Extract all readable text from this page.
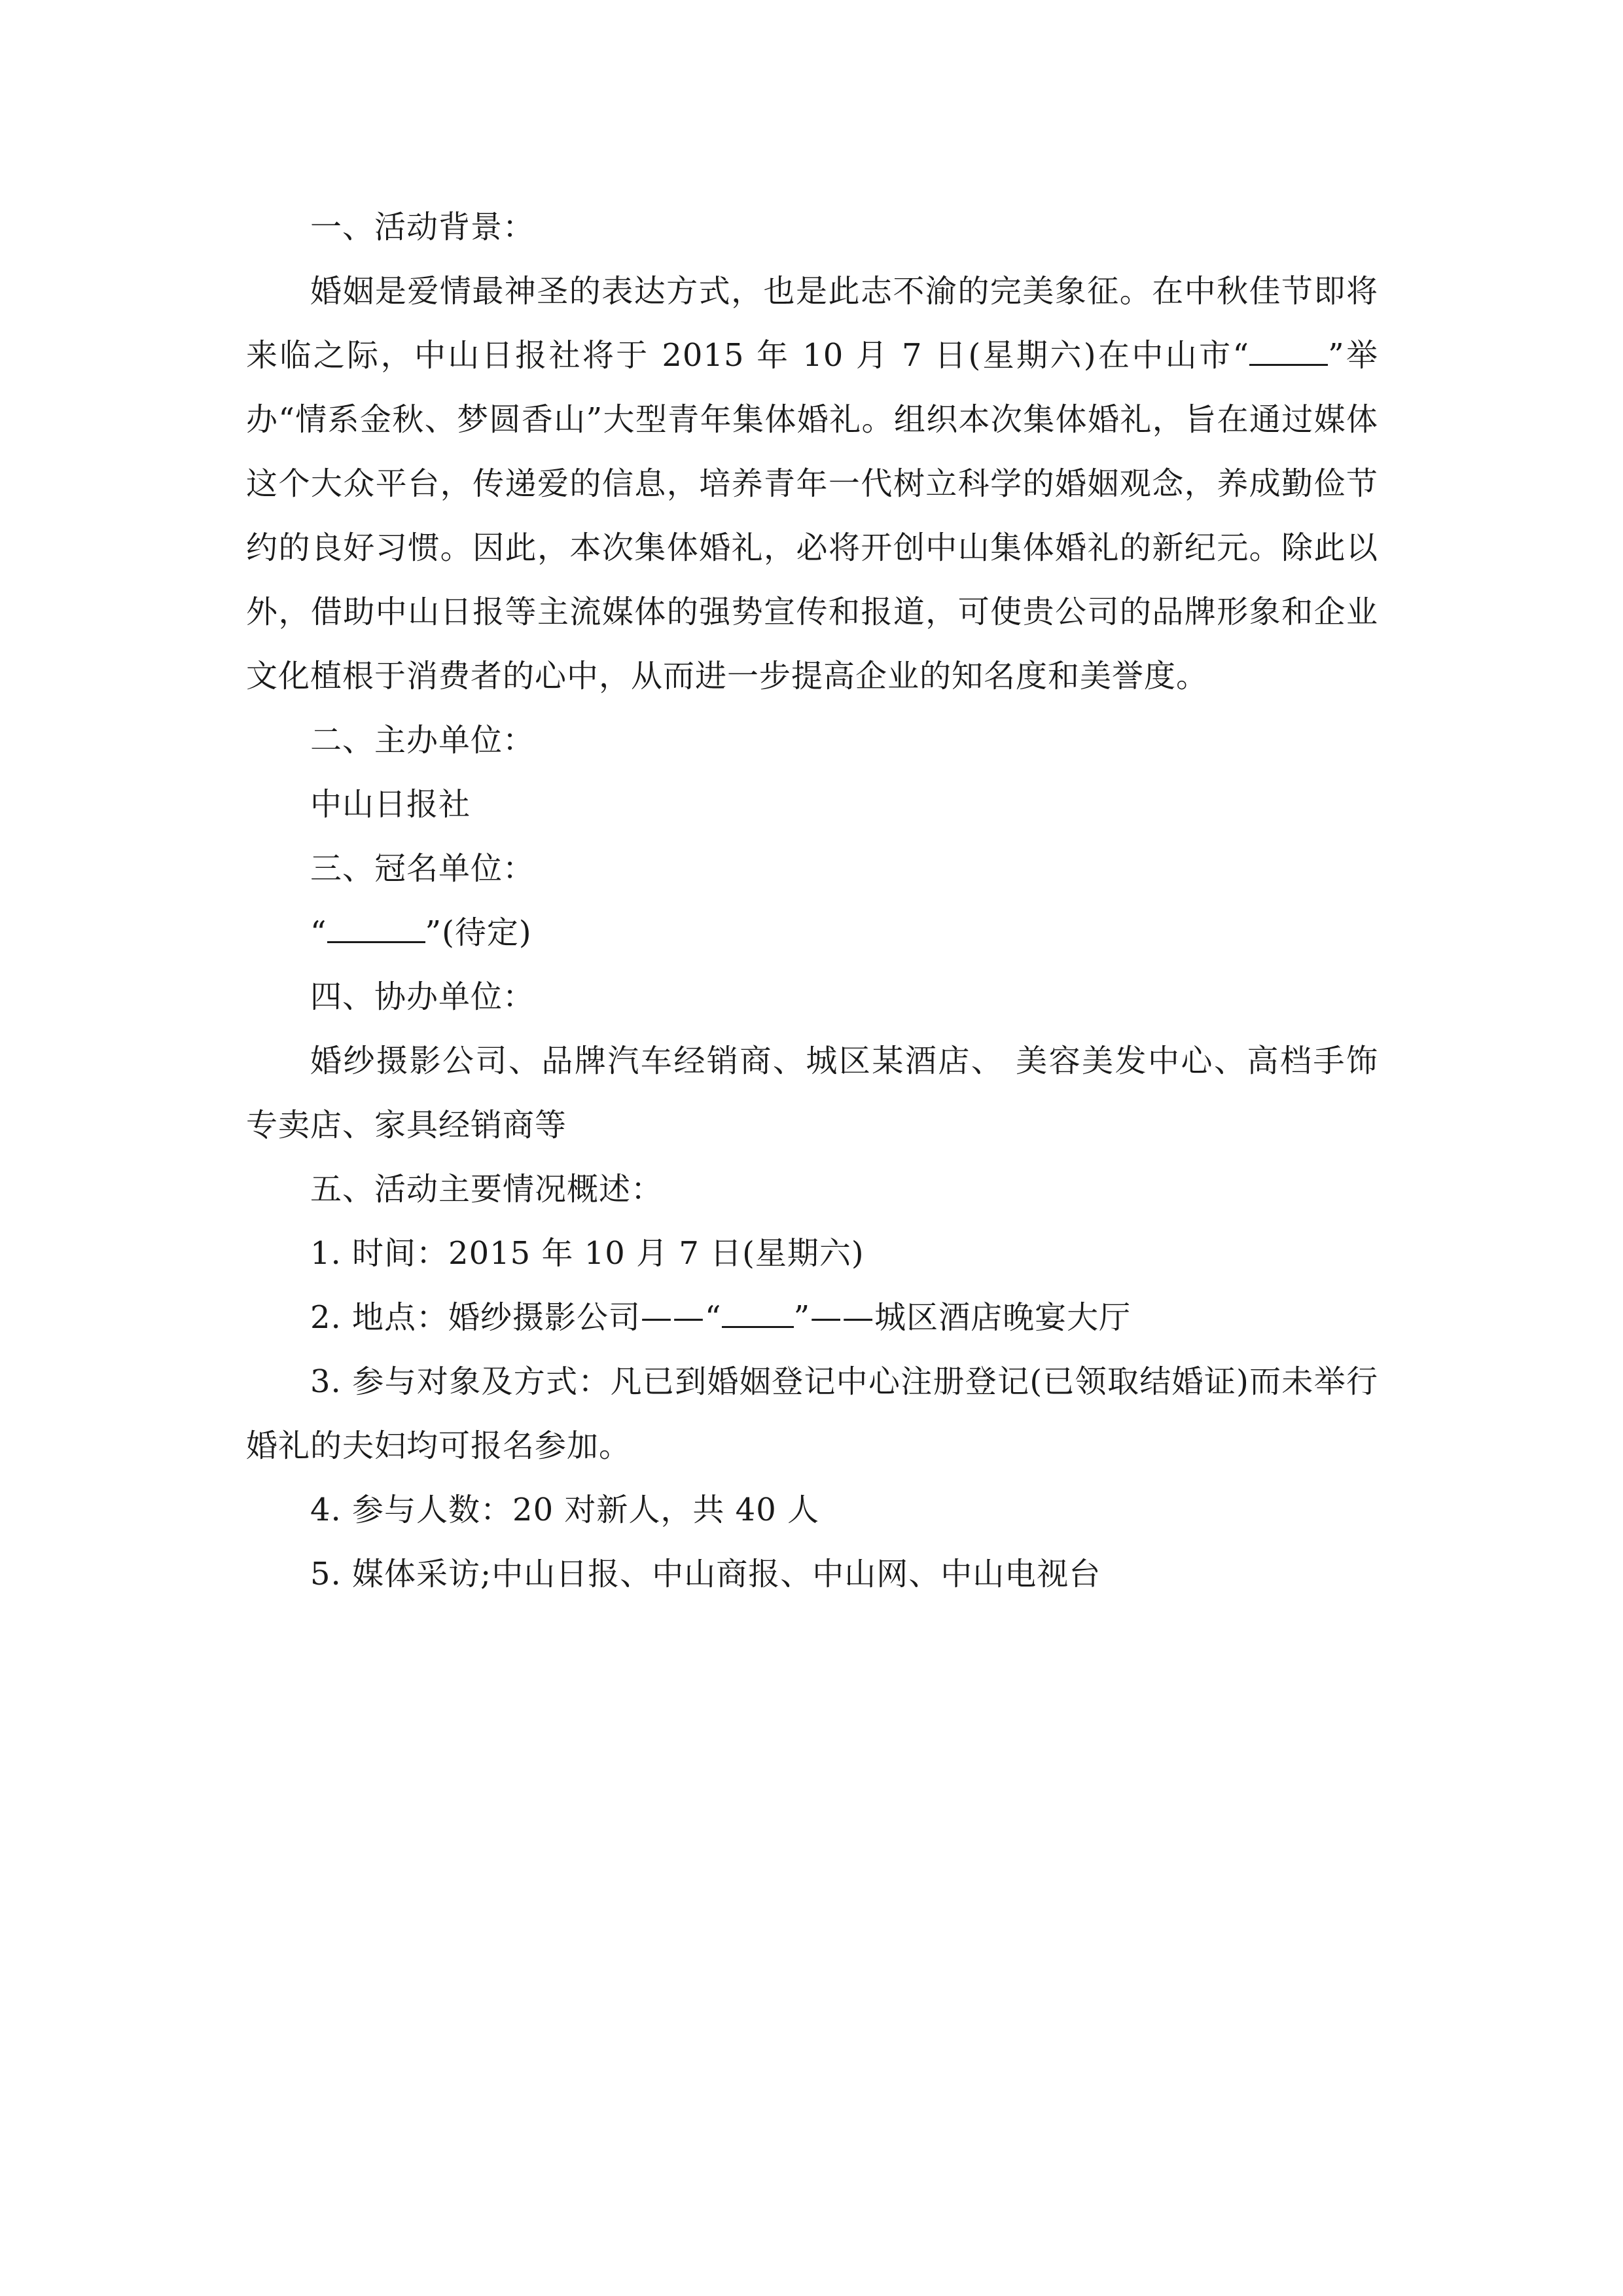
一、活动背景：

婚姻是爱情最神圣的表达方式，也是此志不渝的完美象征。在中秋佳节即将来临之际，中山日报社将于 2015 年 10 月 7 日(星期六)在中山市“	”举办“情系金秋、梦圆香山”大型青年集体婚礼。组织本次集体婚礼，旨在通过媒体这个大众平台，传递爱的信息，培养青年一代树立科学的婚姻观念，养成勤俭节约的良好习惯。因此，本次集体婚礼，必将开创中山集体婚礼的新纪元。除此以外，借助中山日报等主流媒体的强势宣传和报道，可使贵公司的品牌形象和企业文化植根于消费者的心中，从而进一步提高企业的知名度和美誉度。

二、主办单位：

中山日报社

三、冠名单位：

“	”(待定)

四、协办单位：

婚纱摄影公司、品牌汽车经销商、城区某酒店、 美容美发中心、高档手饰专卖店、家具经销商等

五、活动主要情况概述：

1. 时间：2015 年 10 月 7 日(星期六)

2. 地点：婚纱摄影公司——“ ”——城区酒店晚宴大厅

3. 参与对象及方式：凡已到婚姻登记中心注册登记(已领取结婚证)而未举行婚礼的夫妇均可报名参加。

4. 参与人数：20 对新人，共 40 人

5. 媒体采访;中山日报、中山商报、中山网、中山电视台
